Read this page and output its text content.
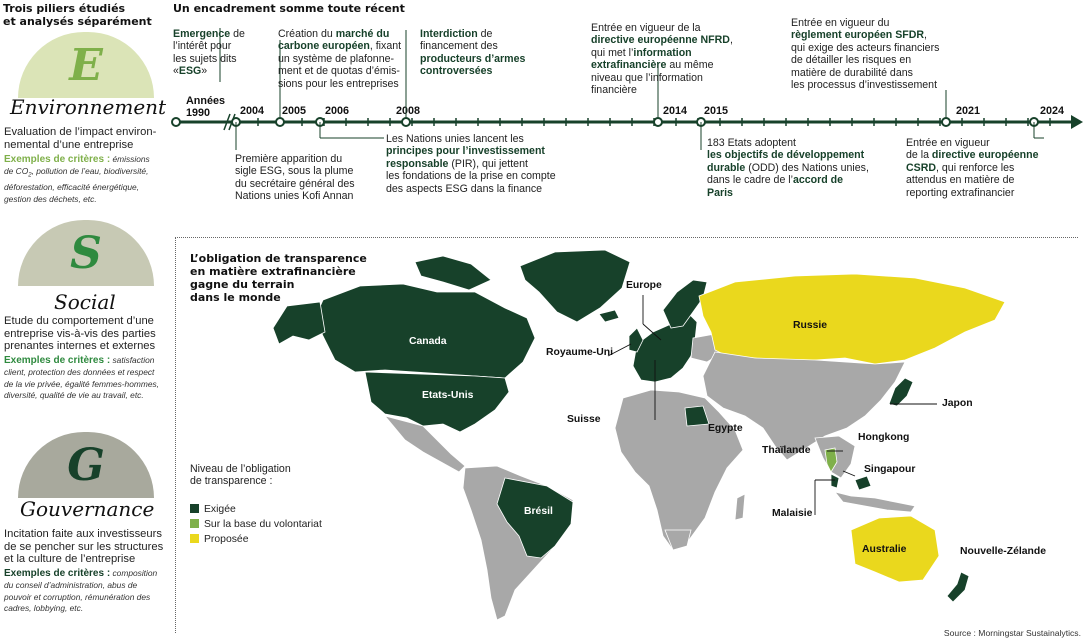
Trois piliers étudiés
et analysés séparément
E
Environnement
Evaluation de l’impact environ-
nemental d’une entreprise
Exemples de critères : émissions
de $CO_2$, pollution de l’eau, biodiversité,
déforestation, efficacité énergétique,
gestion des déchets, etc.
S
Social
Etude du comportement d’une
entreprise vis-à-vis des parties
prenantes internes et externes
Exemples de critères : satisfaction
client, protection des données et respect
de la vie privée, égalité femmes-hommes,
diversité, qualité de vie au travail, etc.
G
Gouvernance
Incitation faite aux investisseurs
de se pencher sur les structures
et la culture de l’entreprise
Exemples de critères : composition
du conseil d’administration, abus de
pouvoir et corruption, rémunération des
cadres, lobbying, etc.
Un encadrement somme toute récent
Années
1990	2004 2005 2006	2008	2014 2015	2021	2024
Emergence de
l’intérêt pour
les sujets dits
«ESG»
Première apparition du
sigle ESG, sous la plume
du secrétaire général des
Nations unies Kofi Annan
Création du marché du
carbone européen, fixant
un système de plafonne-
ment et de quotas d’émis-
sions pour les entreprises
Les Nations unies lancent les
principes pour l’investissement
responsable (PIR), qui jettent
les fondations de la prise en compte
des aspects ESG dans la finance
Interdiction de
financement des
producteurs d’armes
controversées
Entrée en vigueur de la
directive européenne NFRD,
qui met l’information
extrafinancière au même
niveau que l’information
financière
183 Etats adoptent
les objectifs de développement
durable (ODD) des Nations unies,
dans le cadre de l’accord de
Paris
Entrée en vigueur du
règlement européen SFDR,
qui exige des acteurs financiers
de détailler les risques en
matière de durabilité dans
les processus d’investissement
Entrée en vigueur
de la directive européenne
CSRD, qui renforce les
attendus en matière de
reporting extrafinancier
L’obligation de transparence
en matière extrafinancière
gagne du terrain
dans le monde
Canada
Etats-Unis
Europe
Royaume-Uni
Suisse
Egypte
Russie
Japon
Hongkong
Thaïlande
Singapour
Malaisie
Brésil
Australie	Nouvelle-Zélande
Niveau de l’obligation
de transparence :
Exigée
Sur la base du volontariat
Proposée
Source : Morningstar Sustainalytics.
